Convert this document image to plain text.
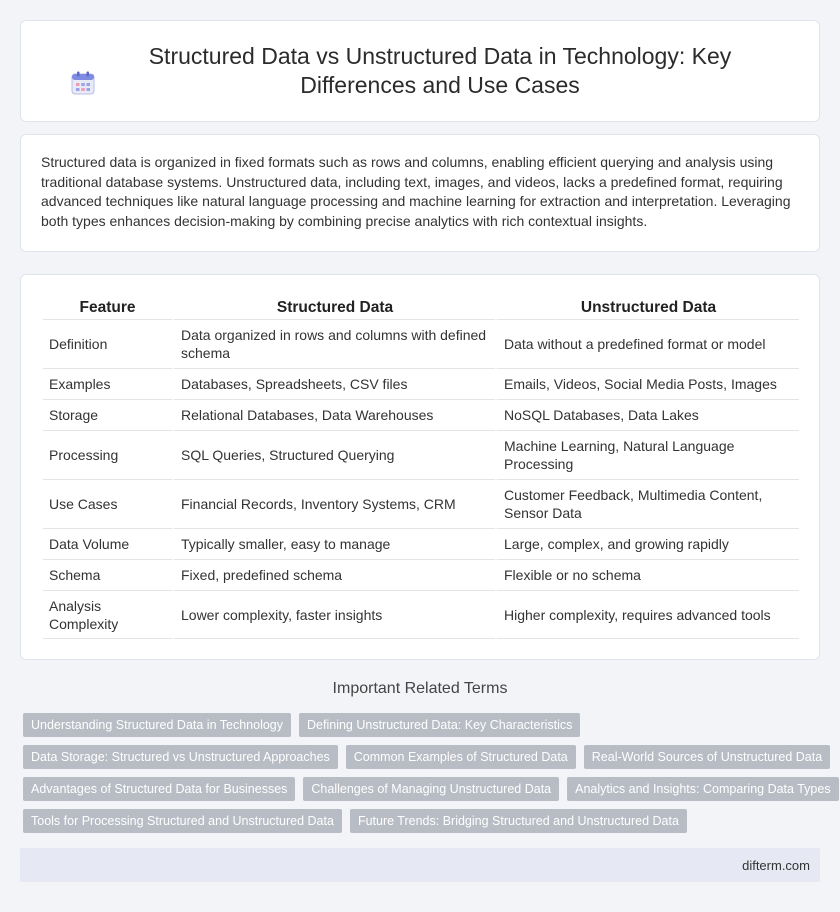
Structured Data vs Unstructured Data in Technology: Key Differences and Use Cases

Structured data is organized in fixed formats such as rows and columns, enabling efficient querying and analysis using traditional database systems. Unstructured data, including text, images, and videos, lacks a predefined format, requiring advanced techniques like natural language processing and machine learning for extraction and interpretation. Leveraging both types enhances decision-making by combining precise analytics with rich contextual insights.

Feature	Structured Data	Unstructured Data
Definition	Data organized in rows and columns with defined schema	Data without a predefined format or model
Examples	Databases, Spreadsheets, CSV files	Emails, Videos, Social Media Posts, Images
Storage	Relational Databases, Data Warehouses	NoSQL Databases, Data Lakes
Processing	SQL Queries, Structured Querying	Machine Learning, Natural Language Processing
Use Cases	Financial Records, Inventory Systems, CRM	Customer Feedback, Multimedia Content, Sensor Data
Data Volume	Typically smaller, easy to manage	Large, complex, and growing rapidly
Schema	Fixed, predefined schema	Flexible or no schema
Analysis Complexity	Lower complexity, faster insights	Higher complexity, requires advanced tools
Important Related Terms
Understanding Structured Data in Technology	Defining Unstructured Data: Key Characteristics
Data Storage: Structured vs Unstructured Approaches	Common Examples of Structured Data	Real-World Sources of Unstructured Data
Advantages of Structured Data for Businesses	Challenges of Managing Unstructured Data	Analytics and Insights: Comparing Data Types
Tools for Processing Structured and Unstructured Data	Future Trends: Bridging Structured and Unstructured Data
difterm.com
